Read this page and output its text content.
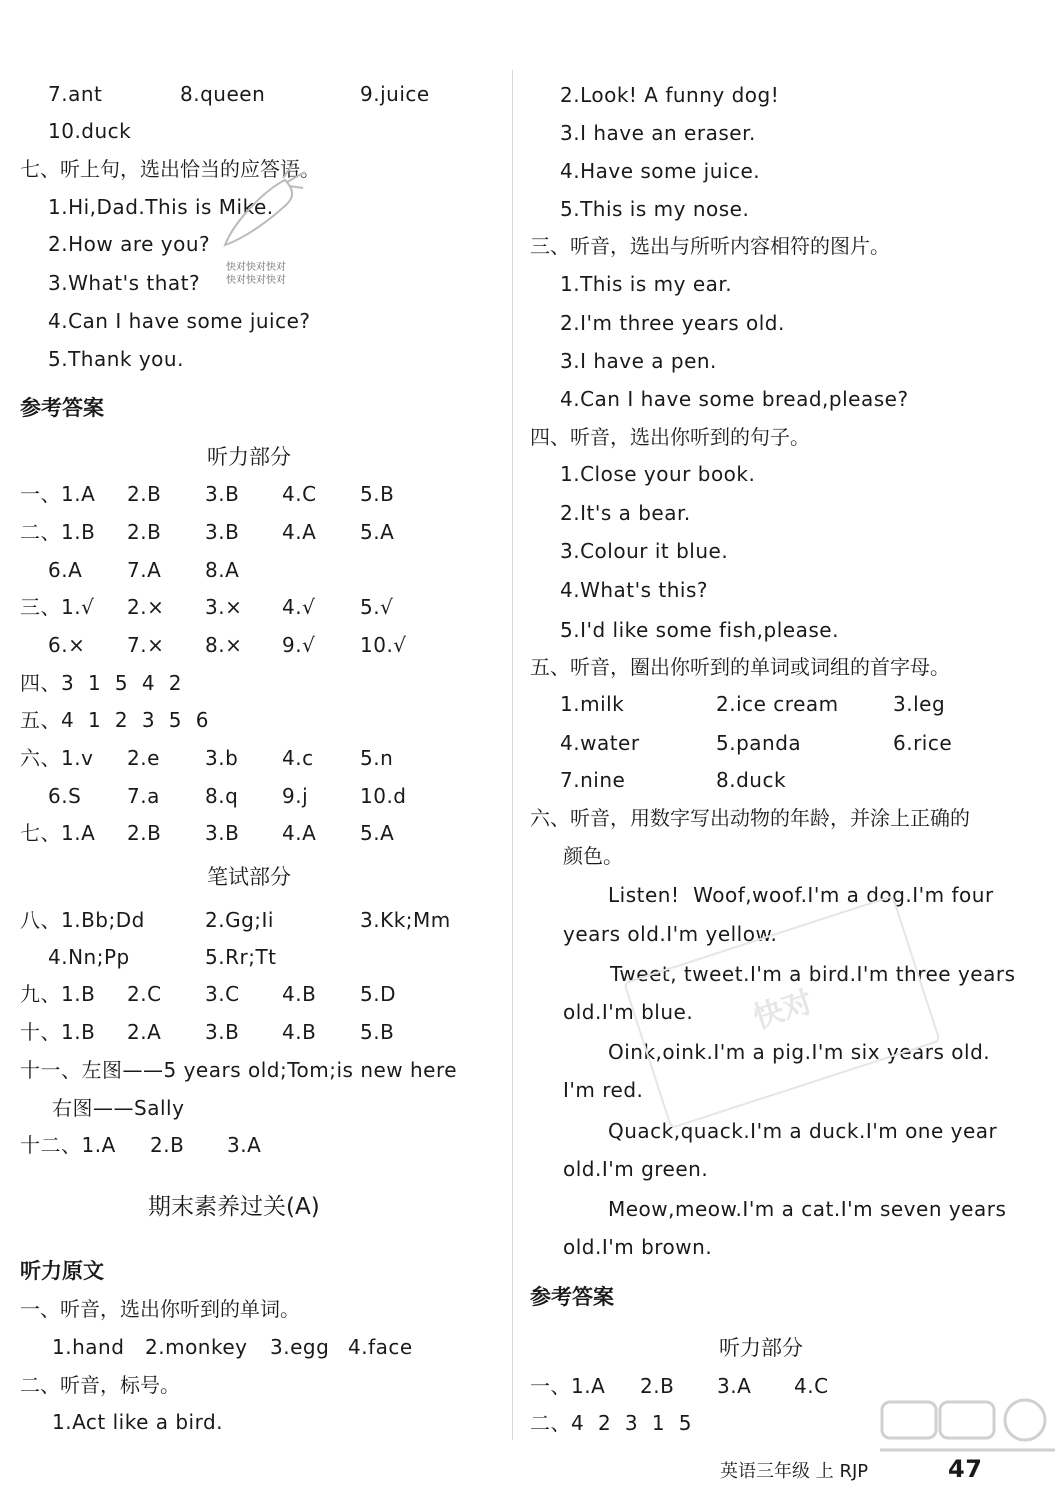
7.ant	8.queen	9.juice
10.duck
七、听上句，选出恰当的应答语。
1.Hi,Dad.This is Mike.
2.How are you?
3.What's that?
4.Can I have some juice?
5.Thank you.
快对快对快对
快对快对快对
参考答案
听力部分
一、1.A 2.B 3.B 4.C 5.B
二、1.B 2.B 3.B 4.A 5.A
6.A 7.A 8.A
三、1.√ 2.× 3.× 4.√ 5.√
6.× 7.× 8.× 9.√ 10.√
四、3  1  5  4  2
五、4  1  2  3  5  6
六、1.v 2.e 3.b 4.c 5.n
6.S 7.a 8.q 9.j	10.d
七、1.A 2.B 3.B 4.A 5.A
笔试部分
八、1.Bb;Dd	2.Gg;Ii	3.Kk;Mm
4.Nn;Pp	5.Rr;Tt
九、1.B 2.C 3.C 4.B 5.D
十、1.B 2.A 3.B 4.B 5.B
十一、左图——5 years old;Tom;is new here
右图——Sally
十二、1.A 2.B 3.A
期末素养过关(A)
听力原文
一、听音，选出你听到的单词。
1.hand 2.monkey 3.egg 4.face
二、听音，标号。
1.Act like a bird.
2.Look! A funny dog!
3.I have an eraser.
4.Have some juice.
5.This is my nose.
三、听音，选出与所听内容相符的图片。
1.This is my ear.
2.I'm three years old.
3.I have a pen.
4.Can I have some bread,please?
四、听音，选出你听到的句子。
1.Close your book.
2.It's a bear.
3.Colour it blue.
4.What's this?
5.I'd like some fish,please.
五、听音，圈出你听到的单词或词组的首字母。
1.milk	2.ice cream	3.leg
4.water	5.panda	6.rice
7.nine	8.duck
六、听音，用数字写出动物的年龄，并涂上正确的
颜色。
Listen!  Woof,woof.I'm a dog.I'm four
years old.I'm yellow.
Tweet, tweet.I'm a bird.I'm three years
old.I'm blue.
Oink,oink.I'm a pig.I'm six years old.
I'm red.
Quack,quack.I'm a duck.I'm one year
old.I'm green.
Meow,meow.I'm a cat.I'm seven years
old.I'm brown.
快对
参考答案
听力部分
一、1.A 2.B 3.A 4.C
二、4  2  3  1  5
英语三年级 上 RJP	47
